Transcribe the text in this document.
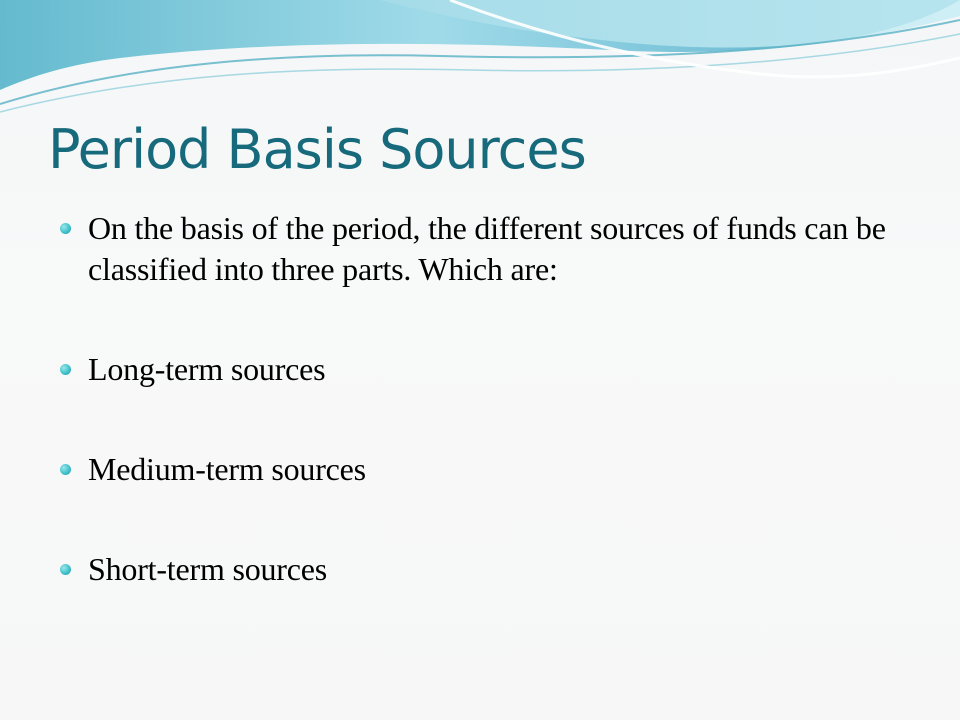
Period Basis Sources
On the basis of the period, the different sources of funds can be classified into three parts. Which are:
Long-term sources
Medium-term sources
Short-term sources
